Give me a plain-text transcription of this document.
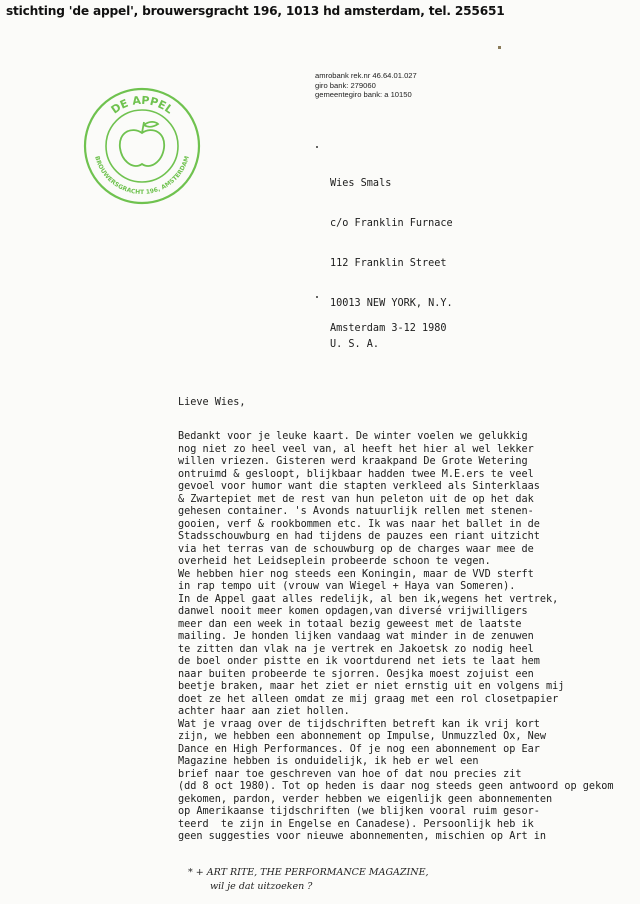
stichting 'de appel', brouwersgracht 196, 1013 hd amsterdam, tel. 255651
amrobank rek.nr 46.64.01.027
giro bank: 279060
gemeentegiro bank: a 10150
DE APPEL
BROUWERSGRACHT 196, AMSTERDAM

Wies Smals

c/o Franklin Furnace

112 Franklin Street

10013 NEW YORK, N.Y.

U. S. A.

Amsterdam 3-12 1980
Lieve Wies,
Bedankt voor je leuke kaart. De winter voelen we gelukkig
nog niet zo heel veel van, al heeft het hier al wel lekker
willen vriezen. Gisteren werd kraakpand De Grote Wetering
ontruimd & gesloopt, blijkbaar hadden twee M.E.ers te veel
gevoel voor humor want die stapten verkleed als Sinterklaas
& Zwartepiet met de rest van hun peleton uit de op het dak
gehesen container. 's Avonds natuurlijk rellen met stenen-
gooien, verf & rookbommen etc. Ik was naar het ballet in de
Stadsschouwburg en had tijdens de pauzes een riant uitzicht
via het terras van de schouwburg op de charges waar mee de
overheid het Leidseplein probeerde schoon te vegen.
We hebben hier nog steeds een Koningin, maar de VVD sterft
in rap tempo uit (vrouw van Wiegel + Haya van Someren).
In de Appel gaat alles redelijk, al ben ik,wegens het vertrek,
danwel nooit meer komen opdagen,van diversé vrijwilligers
meer dan een week in totaal bezig geweest met de laatste
mailing. Je honden lijken vandaag wat minder in de zenuwen
te zitten dan vlak na je vertrek en Jakoetsk zo nodig heel
de boel onder pistte en ik voortdurend net iets te laat hem
naar buiten probeerde te sjorren. Oesjka moest zojuist een
beetje braken, maar het ziet er niet ernstig uit en volgens mij
doet ze het alleen omdat ze mij graag met een rol closetpapier
achter haar aan ziet hollen.
Wat je vraag over de tijdschriften betreft kan ik vrij kort
zijn, we hebben een abonnement op Impulse, Unmuzzled Ox, New
Dance en High Performances. Of je nog een abonnement op Ear
Magazine hebben is onduidelijk, ik heb er wel een
brief naar toe geschreven van hoe of dat nou precies zit
(dd 8 oct 1980). Tot op heden is daar nog steeds geen antwoord op gekom
gekomen, pardon, verder hebben we eigenlijk geen abonnementen
op Amerikaanse tijdschriften (we blijken vooral ruim gesor-
teerd  te zijn in Engelse en Canadese). Persoonlijk heb ik
geen suggesties voor nieuwe abonnementen, mischien op Art in
* + ART RITE, THE PERFORMANCE MAGAZINE,
wil je dat uitzoeken ?
